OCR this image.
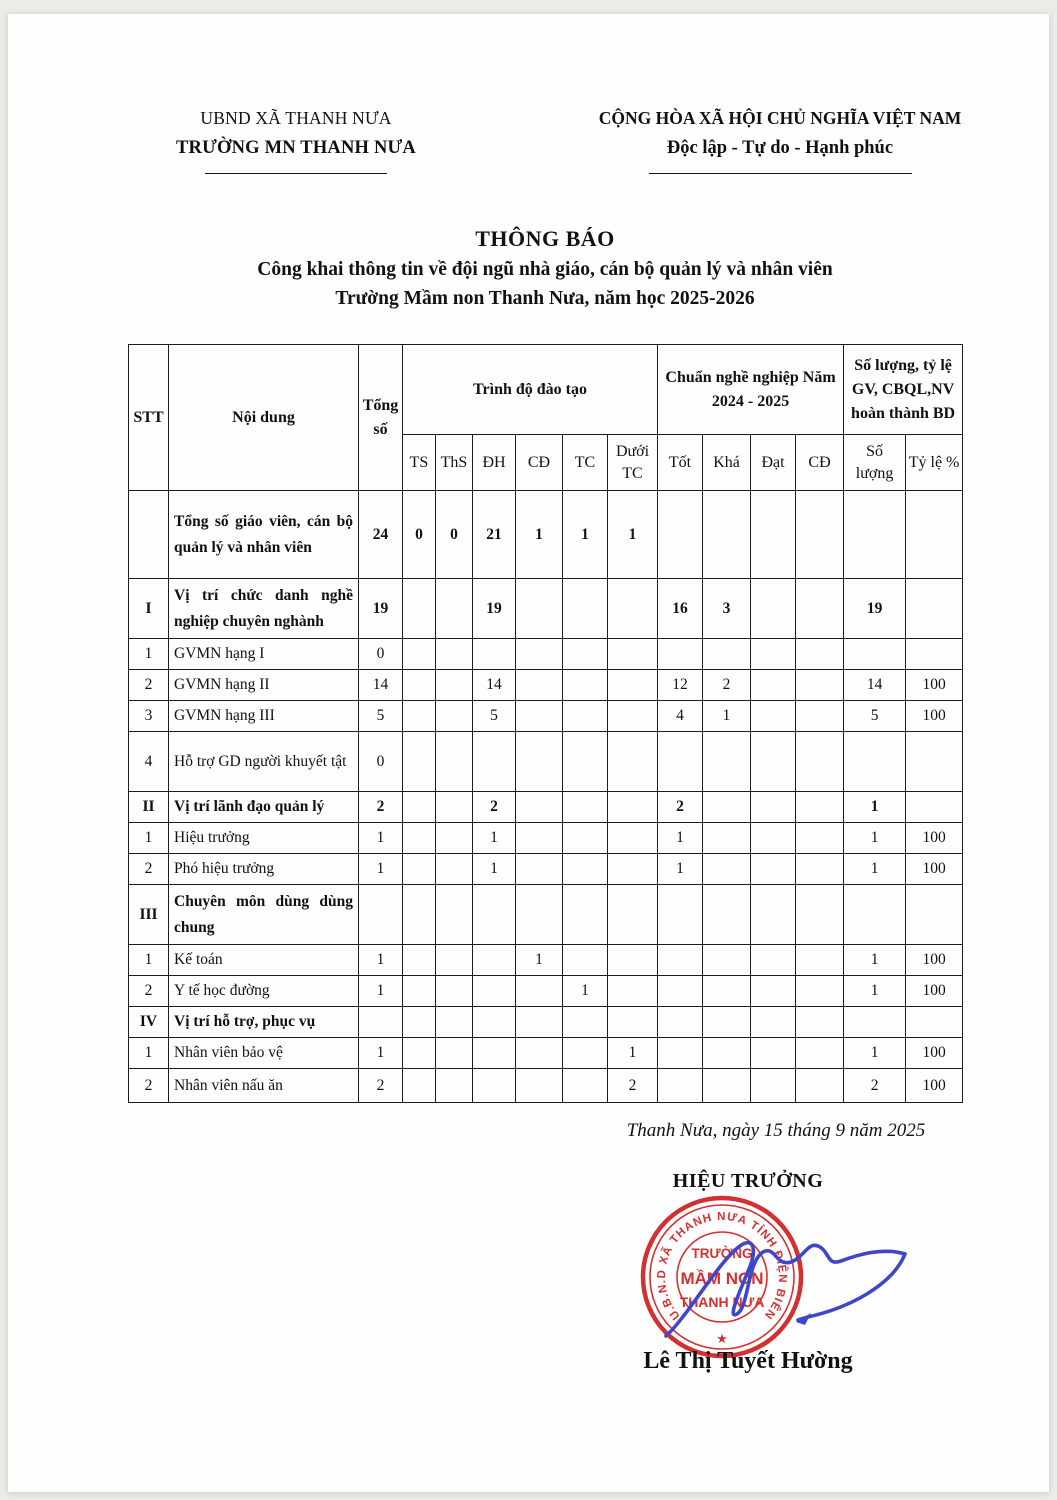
UBND XÃ THANH NƯA
TRƯỜNG MN THANH NƯA
CỘNG HÒA XÃ HỘI CHỦ NGHĨA VIỆT NAM
Độc lập - Tự do - Hạnh phúc
THÔNG BÁO
Công khai thông tin về đội ngũ nhà giáo, cán bộ quản lý và nhân viên
Trường Mầm non Thanh Nưa, năm học 2025-2026
STT	Nội dung	Tổng số	Trình độ đào tạo						Chuẩn nghề nghiệp Năm 2024 - 2025				Số lượng, tỷ lệ GV, CBQL,NV hoàn thành BD	
			TS	ThS	ĐH	CĐ	TC	Dưới TC	Tốt	Khá	Đạt	CĐ	Số lượng	Tỷ lệ %
	Tổng số giáo viên, cán bộ quản lý và nhân viên	24	0	0	21	1	1	1						
I	Vị trí chức danh nghề nghiệp chuyên nghành	19			19				16	3			19	
1	GVMN hạng I	0												
2	GVMN hạng II	14			14				12	2			14	100
3	GVMN hạng III	5			5				4	1			5	100
4	Hỗ trợ GD người khuyết tật	0												
II	Vị trí lãnh đạo quản lý	2			2				2				1	
1	Hiệu trưởng	1			1				1				1	100
2	Phó hiệu trưởng	1			1				1				1	100
III	Chuyên môn dùng dùng chung													
1	Kế toán	1				1							1	100
2	Y tế học đường	1					1						1	100
IV	Vị trí hỗ trợ, phục vụ													
1	Nhân viên bảo vệ	1						1					1	100
2	Nhân viên nấu ăn	2						2					2	100
Thanh Nưa, ngày 15 tháng 9 năm 2025
HIỆU TRƯỞNG
U.B.N.D XÃ THANH NƯA TỈNH ĐIỆN BIÊN
TRƯỜNG
MẦM NON
THANH NƯA
★
Lê Thị Tuyết Hường
